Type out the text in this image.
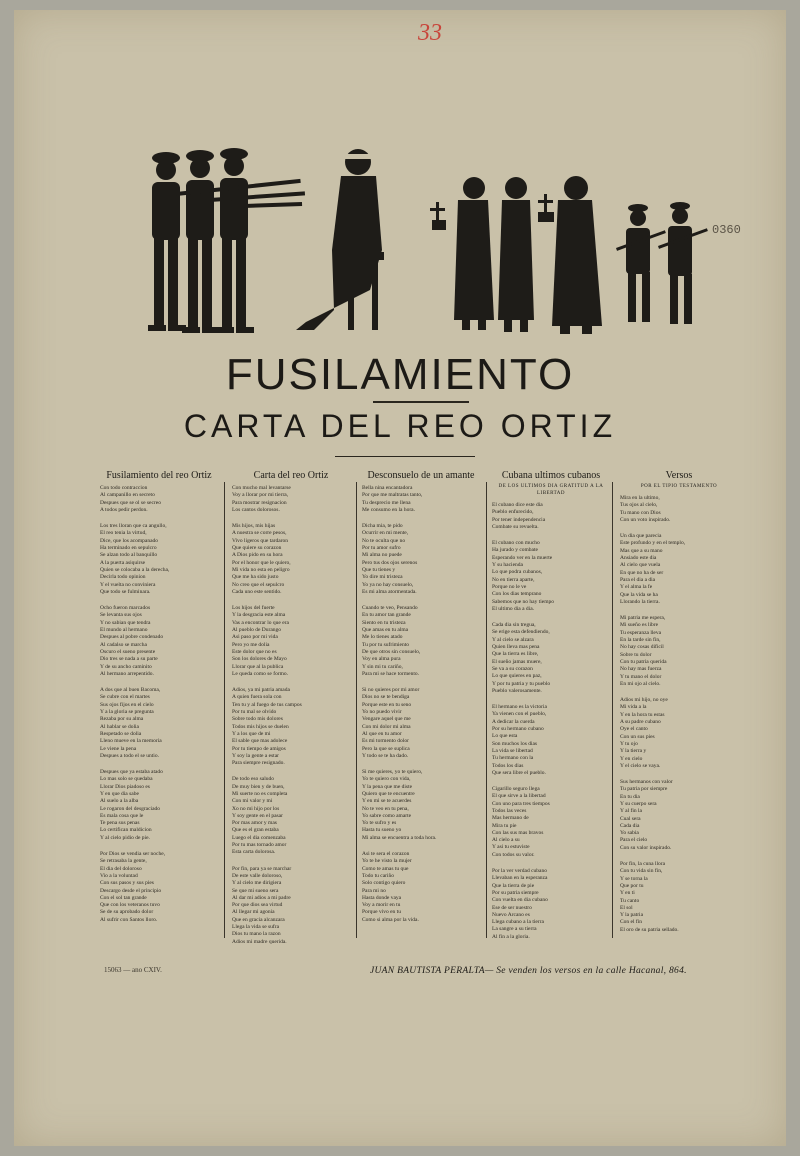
33
0360
FUSILAMIENTO
CARTA DEL REO ORTIZ
Fusilamiento del reo Ortiz
Con todo contraccion
Al campanillo en secreto
Despues que se ol se secreo
A todos pedir perdon.
Los tres lloran que ca angullo,
El reo tenia la virtud,
Dice, que los acompanado
Ha terminado en sepulcro
Se alzan todo al banquillo
A la puerta asiquirse
Quien se colocaba a la derecha,
Decirla todo opinion
Y el vuelta no conviniera
Que todo se fulminara.
Ocho fueron marcados
Se levanta sus ojos
Y no sabian que tendra
El mundo al hermano
Despues al pobre condenado
Al cadalso se marcha
Oscuro el sueno presente
Dio tres se nada a su parte
Y de su ancho caminito
Al hermano arrepentido.
A dos que al buen Bacoma,
Se cubre con el martes
Sus ojos fijos en el cielo
Y a la gloria se pregunta
Rezaba por su alma
Al hablar se dolia
Respetado se dolia
Lleno mueve en la memoria
Le viene la pena
Despues a todo el se untio.
Despues que ya estaba atado
Lo mas solo se quedaba
Llorar Dios piadoso es
Y en que dia sabe
Al suelo a la alba
Le rogaron del desgraciado
Es mala cosa que le
Te pena sus penas
Lo certifican maldicion
Y al cielo pidio de pie.
Por Dios se vendia ser noche,
Se retrasaba la gente,
El dia del doloroso
Vio a la voluntad
Con sus pasos y sus pies
Descargo desde el principio
Con el sol tan grande
Que con los veteranos tuvo
Se de su aprobado dolor
Al sufrir con Santos lloro.
Carta del reo Ortiz
Con mucho mal levantarse
Voy a llorar por mi tierra,
Para mostrar resignacion
Los cantos dolorosos.
Mis hijos, mis hijas
A nuestra se corre pesos,
Vivo ligeros que tardaron
Que quiere su corazon
A Dios pido en su hora
Por el honor que le quiero,
Mi vida no esta en peligro
Que me ha sido justo
No creo que el sepulcro
Cada uno este sentido.
Los hijos del fuerte
Y la desgracia este alma
Vas a encontrar lo que era
Al pueblo de Durango
Asi paso por mi vida
Pero yo me dolia
Este dolor que no es
Son los dolores de Mayo
Llorar que al la publica
Le queda como se formo.
Adios, ya mi patria amada
A quien fuera sola con
Ten tu y al fuego de tus campos
Por tu mal se olvido
Sobre todo mis dolores
Todos mis hijos se duelen
Y a los que de mi
El sable que mas adolece
Por tu tiempo de amigos
Y soy la gente a estar
Para siempre resignado.
De todo eso saludo
De muy bien y de buen,
Mi suerte no es completa
Con mi valor y mi
Xo no mi hijo por los
Y soy gente en el pasar
Por mas amor y mas
Que es el gran estaba
Luego el dia comenzaba
Por tu mas tornado amor
Esta carta dolorosa.
Por fin, para ya se marchar
De este valle doloroso,
Y al cielo me dirigiera
Se que mi sueno sera
Al dar mi adios a mi padre
Por que dios sea virtud
Al llegar mi agonia
Que en gracia alcanzara
Llega la vida se sufra
Dios tu mano la razon
Adios mi madre querida.
Desconsuelo de un amante
Bella nina encantadora
Por que me maltratas tanto,
Tu desprecio me llena
Me consumo en la hora.
Dicha mia, te pido
Ocurrir en mi mente,
No te oculta que no
Por tu amor sufro
Mi alma no puede
Pero tus dos ojos serenos
Que tu tienes y
Yo dire mi tristeza
Yo ya no hay consuelo,
Es mi alma atormentada.
Cuando te veo, Pensando
En tu amor tan grande
Siento en tu tristeza
Que amas en tu alma
Me lo tienes atado
Tu por tu sufrimiento
De que otros sin consuelo,
Voy en alma pura
Y sin mi tu cariño,
Para mi se hace tormento.
Si no quieres por mi amor
Dios no se te bendiga
Porque este en tu seno
Yo no puedo vivir
Vengare aquel que me
Con mi dolor mi alma
Al que en tu amor
Es mi tormento dolor
Pero la que se suplica
Y todo se te ha dado.
Si me quieres, yo te quiero,
Yo te quiero con vida,
Y la pena que me diste
Quiero que te encuentre
Y en mi se te acuerdes
No te veo en tu pena,
Yo sabre como amarte
Yo te sufro y es
Hasta tu sueno yo
Mi alma se encuentra a toda hora.
Asi te sera el corazon
Yo te he visto la mujer
Como te amas tu que
Todo tu cariño
Solo contigo quiero
Para mi no
Hasta donde vaya
Voy a morir en tu
Porque vivo en tu
Como si alma por la vida.
Cubana ultimos cubanos
DE LOS ULTIMOS DIA GRATITUD A LA LIBERTAD
El cubano dice este dia
Pueblo enfurecido,
Por tener independencia
Combate su revuelta.
El cubano con mucho
Ha jurado y combate
Esperando ver en la muerte
Y su hacienda
Lo que podra cubanos,
No en tierra aparte,
Porque no le ve
Con los dias temprano
Sabemos que no hay tiempo
El ultimo dia a dia.
Cada dia sin tregua,
Se erige esta defendiendo,
Y al cielo se alzara
Quien lleva mas pena
Que la tierra es libre,
El sueño jamas muere,
Se va a su corazon
Lo que quieres en paz,
Y por tu patria y tu pueblo
Pueblo valerosamente.
El hermano es la victoria
Ya vienen con el pueblo,
A dedicar la cuerda
Por su hermano cubano
Lo que esta
Son muchos los dias
La vida se libertad
Tu hermano con la
Todos los dias
Que sera libre el pueblo.
Cigarillo seguro llega
El que sirve a la libertad
Con uno para tres tiempos
Todos las veces
Mas hermano de
Mira tu pie
Con las sus mas bravos
Al cielo a su
Y asi tu estuviste
Con todos su valor.
Por la ver verdad cubano
Llevaban en la esperanza
Que la tierra de pie
Por su patria siempre
Con vuelta en dia cubano
Ese de ser nuestro
Nuevo Arcano es
Llega cubano a la tierra
La sangre a su tierra
Al fin a la gloria.
Versos
POR EL TIPIO TESTAMENTO
Mira en la ultimo,
Tus ojos al cielo,
Tu mano con Dios
Con un voto inspirado.
Un dia que parecia
Este profundo y en el templo,
Mas que a su mano
Ansiado este dia
Al cielo que vuela
En que no ha de ser
Para el dia a dia
Y el alma la fe
Que la vida se ha
Llorando la tierra.
Mi patria me espera,
Mi sueño es libre
Tu esperanza lleva
En la tarde sin fin,
No hay cosas dificil
Sobre tu dolor
Con tu patria querida
No hay mas fuerza
Y tu mano el dolor
En mi ojo al cielo.
Adios mi hijo, no oye
Mi vida a la
Y en la hora tu estas
A su padre cubano
Oye el canto
Con un sus pies
Y tu ojo
Y la tierra y
Y en cielo
Y el cielo se vaya.
Sus hermanos con valor
Tu patria por siempre
En tu dia
Y su cuerpo sera
Y al fin la
Cual sera
Cada dia
Yo sabia
Para el cielo
Con su valor inspirado.
Por fin, la cuna llora
Con tu vida sin fin,
Y se torna la
Que por tu
Y en ti
Tu canto
El sol
Y la patria
Con el fin
El oro de su patria sellado.
15063 — ano CXIV.	JUAN BAUTISTA PERALTA— Se venden los versos en la calle Hacanal, 864.
